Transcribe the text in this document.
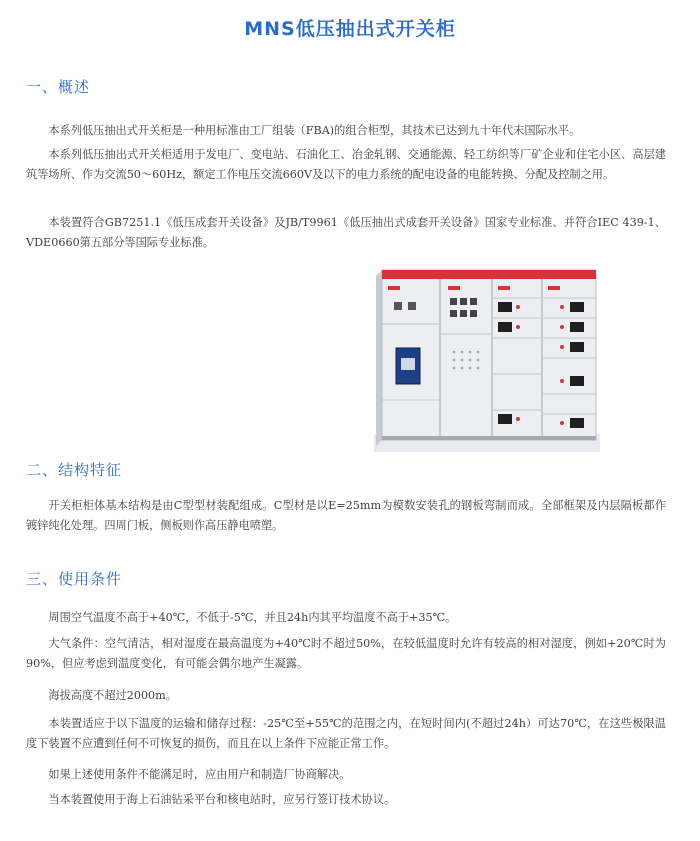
MNS低压抽出式开关柜
一、概述
本系列低压抽出式开关柜是一种用标准由工厂组装（FBA)的组合柜型，其技术已达到九十年代末国际水平。
本系列低压抽出式开关柜适用于发电厂、变电站、石油化工、冶金轧钢、交通能源、轻工纺织等厂矿企业和住宅小区、高层建筑等场所、作为交流50～60Hz，额定工作电压交流660V及以下的电力系统的配电设备的电能转换、分配及控制之用。
本装置符合GB7251.1《低压成套开关设备》及JB/T9961《低压抽出式成套开关设备》国家专业标准、并符合IEC 439-1、VDE0660第五部分等国际专业标准。
二、结构特征
开关柜柜体基本结构是由C型型材装配组成。C型材是以E=25mm为模数安装孔的钢板弯制而成。全部框架及内层隔板都作镀锌纯化处理。四周门板，侧板则作高压静电喷塑。
三、使用条件
周围空气温度不高于+40℃，不低于-5℃，并且24h内其平均温度不高于+35℃。
大气条件：空气清洁，相对湿度在最高温度为+40℃时不超过50%，在较低温度时允许有较高的相对湿度，例如+20℃时为90%，但应考虑到温度变化，有可能会偶尔地产生凝露。
海拔高度不超过2000m。
本装置适应于以下温度的运输和储存过程：-25℃至+55℃的范围之内，在短时间内(不超过24h）可达70℃，在这些极限温度下装置不应遭到任何不可恢复的损伤，而且在以上条件下应能正常工作。
如果上述使用条件不能满足时，应由用户和制造厂协商解决。
当本装置使用于海上石油钻采平台和核电站时，应另行签订技术协议。
